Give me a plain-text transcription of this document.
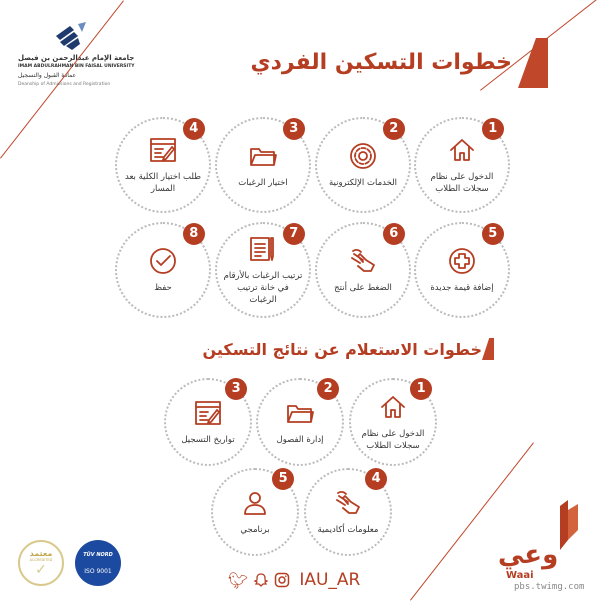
جامعة الإمام عبدالرحمن بن فيصل
IMAM ABDULRAHMAN BIN FAISAL UNIVERSITY
عمادة القبول والتسجيل
Deanship of Admissions and Registration
خطوات التسكين الفردي
الدخول على نظام سجلات الطلاب
1
الخدمات الإلكترونية
2
اختيار الرغبات
3
طلب اختيار الكلية بعد المسار
4
إضافة قيمة جديدة
5
الضغط على أنتج
6
ترتيب الرغبات بالأرقام في خانة ترتيب الرغبات
7
حفظ
8
خطوات الاستعلام عن نتائج التسكين
الدخول على نظام سجلات الطلاب
1
إدارة الفصول
2
تواريخ التسجيل
3
معلومات أكاديمية
4
برنامجي
5
معتمد
ACCREDITED
✓
TÜV NORD
ISO 9001	🐦︎	IAU_AR
وعي
Waai
pbs.twimg.com
